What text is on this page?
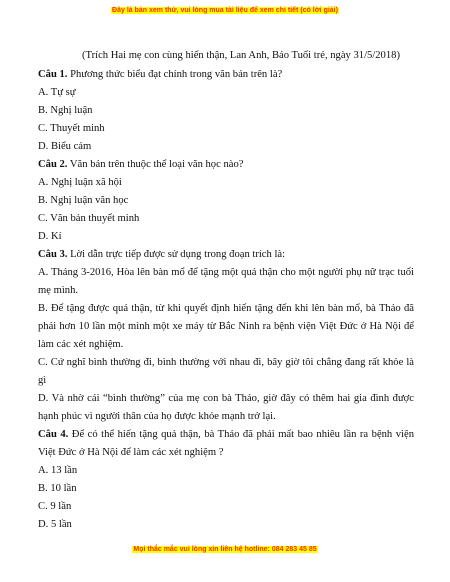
Đây là bản xem thử, vui lòng mua tài liệu để xem chi tiết (có lời giải)
(Trích Hai mẹ con cùng hiến thận, Lan Anh, Báo Tuổi trẻ, ngày 31/5/2018)

Câu 1. Phương thức biểu đạt chính trong văn bản trên là?

A. Tự sự

B. Nghị luận

C. Thuyết minh

D. Biểu cảm

Câu 2. Văn bản trên thuộc thể loại văn học nào?

A. Nghị luận xã hội

B. Nghị luận văn học

C. Văn bản thuyết minh

D. Kí

Câu 3. Lời dẫn trực tiếp được sử dụng trong đoạn trích là:

A. Tháng 3-2016, Hòa lên bàn mổ để tặng một quả thận cho một người phụ nữ trạc tuổi mẹ mình.

B. Để tặng được quả thận, từ khi quyết định hiến tặng đến khi lên bàn mổ, bà Thảo đã phải hơn 10 lần một mình một xe máy từ Bắc Ninh ra bệnh viện Việt Đức ở Hà Nội để làm các xét nghiệm.

C. Cứ nghĩ bình thường đi, bình thường với nhau đi, bây giờ tôi chẳng đang rất khỏe là gì

D. Và nhờ cái “bình thường” của mẹ con bà Thảo, giờ đây có thêm hai gia đình được hạnh phúc vì người thân của họ được khỏe mạnh trở lại.

Câu 4. Để có thể hiến tặng quả thận, bà Thảo đã phải mất bao nhiêu lần ra bệnh viện Việt Đức ở Hà Nội để làm các xét nghiệm ?

A. 13 lần

B. 10 lần

C. 9 lần

D. 5 lần

Mọi thắc mắc vui lòng xin liên hệ hotline: 084 283 45 85
